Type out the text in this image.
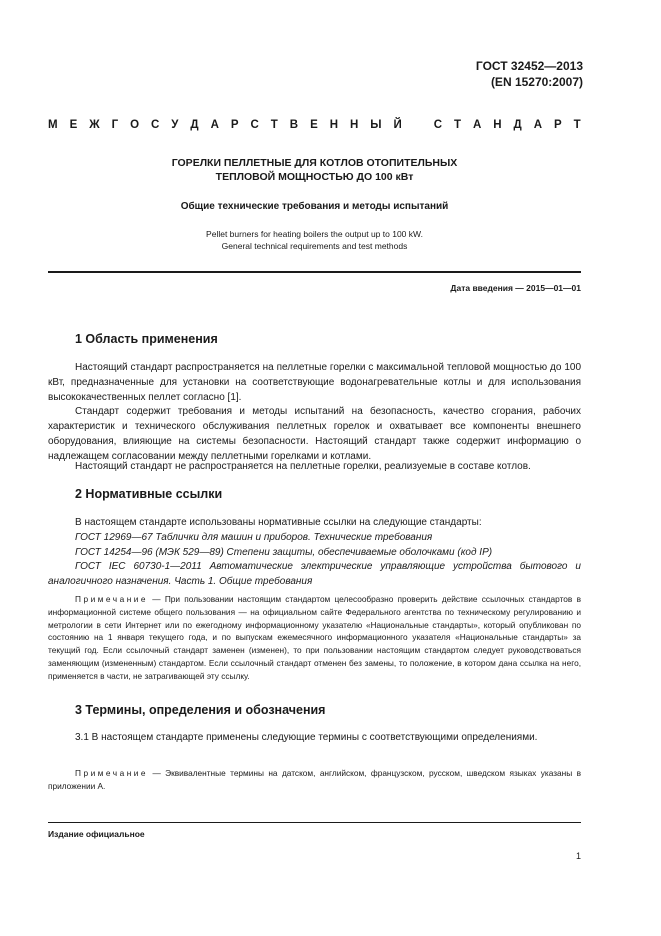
ГОСТ 32452—2013
(EN 15270:2007)
М Е Ж Г О С У Д А Р С Т В Е Н Н Ы Й	С Т А Н Д А Р Т
ГОРЕЛКИ ПЕЛЛЕТНЫЕ ДЛЯ КОТЛОВ ОТОПИТЕЛЬНЫХ
ТЕПЛОВОЙ МОЩНОСТЬЮ ДО 100 кВт
Общие технические требования и методы испытаний
Pellet burners for heating boilers the output up to 100 kW.
General technical requirements and test methods
Дата введения — 2015—01—01
1 Область применения
Настоящий стандарт распространяется на пеллетные горелки с максимальной тепловой мощностью до 100 кВт, предназначенные для установки на соответствующие водонагревательные котлы и для использования высококачественных пеллет согласно [1].
Стандарт содержит требования и методы испытаний на безопасность, качество сгорания, рабочих характеристик и технического обслуживания пеллетных горелок и охватывает все компоненты внешнего оборудования, влияющие на системы безопасности. Настоящий стандарт также содержит информацию о надлежащем согласовании между пеллетными горелками и котлами.
Настоящий стандарт не распространяется на пеллетные горелки, реализуемые в составе котлов.
2 Нормативные ссылки
В настоящем стандарте использованы нормативные ссылки на следующие стандарты:
ГОСТ 12969—67 Таблички для машин и приборов. Технические требования
ГОСТ 14254—96 (МЭК 529—89) Степени защиты, обеспечиваемые оболочками (код IP)
ГОСТ IEC 60730-1—2011 Автоматические электрические управляющие устройства бытового и аналогичного назначения. Часть 1. Общие требования
Примечание — При пользовании настоящим стандартом целесообразно проверить действие ссылочных стандартов в информационной системе общего пользования — на официальном сайте Федерального агентства по техническому регулированию и метрологии в сети Интернет или по ежегодному информационному указателю «Национальные стандарты», который опубликован по состоянию на 1 января текущего года, и по выпускам ежемесячного информационного указателя «Национальные стандарты» за текущий год. Если ссылочный стандарт заменен (изменен), то при пользовании настоящим стандартом следует руководствоваться заменяющим (измененным) стандартом. Если ссылочный стандарт отменен без замены, то положение, в котором дана ссылка на него, применяется в части, не затрагивающей эту ссылку.
3 Термины, определения и обозначения
3.1 В настоящем стандарте применены следующие термины с соответствующими определениями.
Примечание — Эквивалентные термины на датском, английском, французском, русском, шведском языках указаны в приложении А.
Издание официальное
1
